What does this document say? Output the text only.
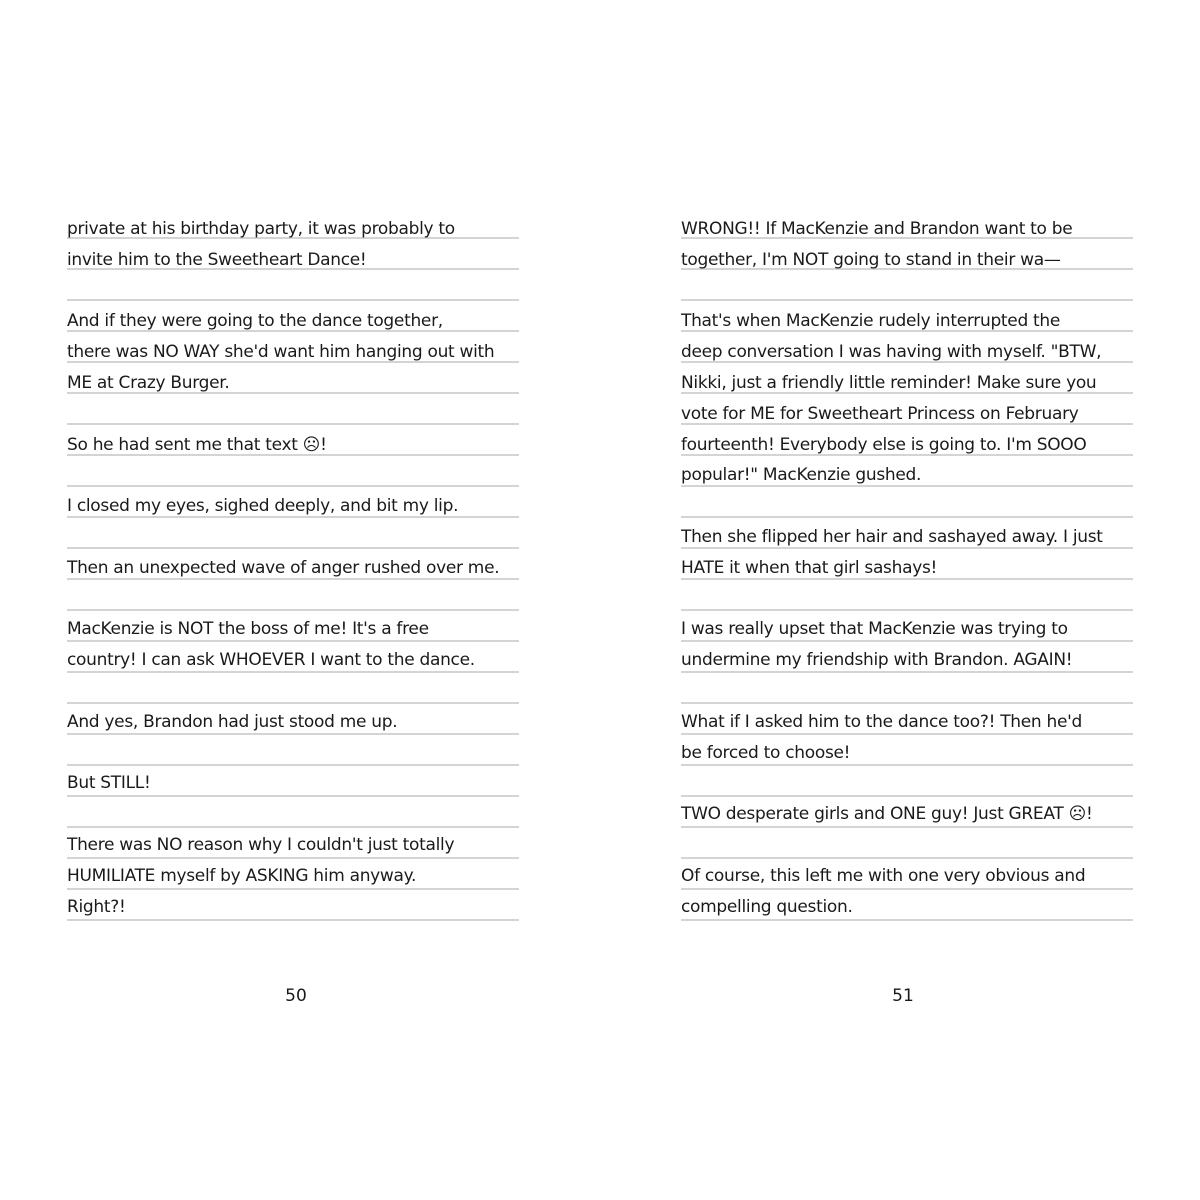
private at his birthday party, it was probably to
invite him to the Sweetheart Dance!
And if they were going to the dance together,
there was NO WAY she'd want him hanging out with
ME at Crazy Burger.
So he had sent me that text ☹!
I closed my eyes, sighed deeply, and bit my lip.
Then an unexpected wave of anger rushed over me.
MacKenzie is NOT the boss of me! It's a free
country! I can ask WHOEVER I want to the dance.
And yes, Brandon had just stood me up.
But STILL!
There was NO reason why I couldn't just totally
HUMILIATE myself by ASKING him anyway.
Right?!
WRONG!! If MacKenzie and Brandon want to be
together, I'm NOT going to stand in their wa—
That's when MacKenzie rudely interrupted the
deep conversation I was having with myself. "BTW,
Nikki, just a friendly little reminder! Make sure you
vote for ME for Sweetheart Princess on February
fourteenth! Everybody else is going to. I'm SOOO
popular!" MacKenzie gushed.
Then she flipped her hair and sashayed away. I just
HATE it when that girl sashays!
I was really upset that MacKenzie was trying to
undermine my friendship with Brandon. AGAIN!
What if I asked him to the dance too?! Then he'd
be forced to choose!
TWO desperate girls and ONE guy! Just GREAT ☹!
Of course, this left me with one very obvious and
compelling question.
50	51
